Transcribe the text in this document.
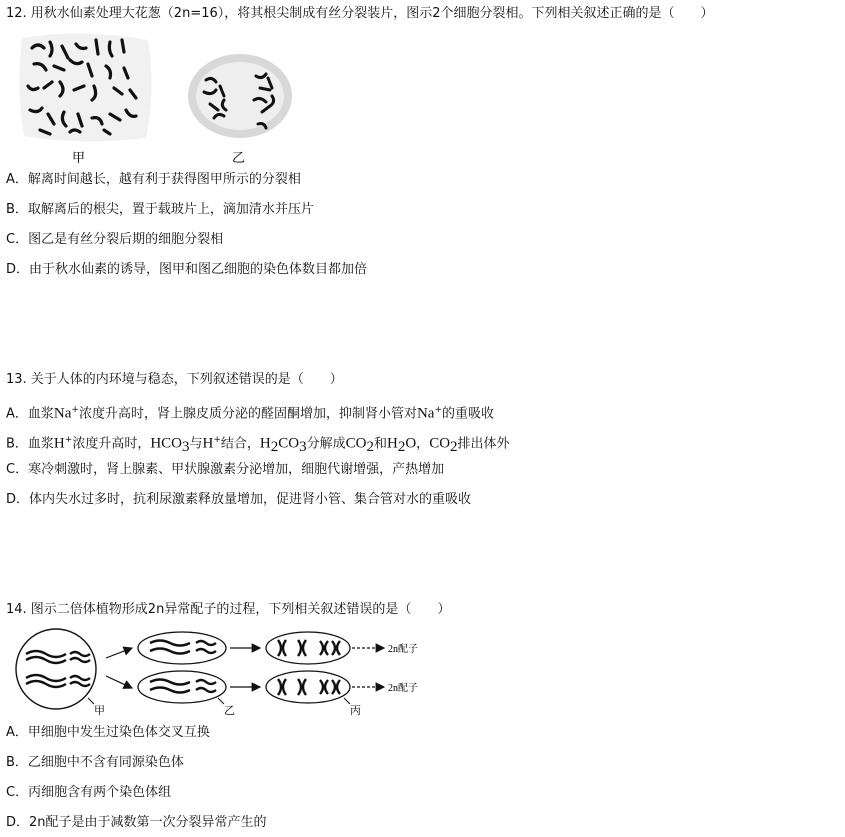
12. 用秋水仙素处理大花葱（2n=16），将其根尖制成有丝分裂装片，图示2个细胞分裂相。下列相关叙述正确的是（　　）
甲	乙
A．解离时间越长，越有利于获得图甲所示的分裂相
B．取解离后的根尖，置于载玻片上，滴加清水并压片
C．图乙是有丝分裂后期的细胞分裂相
D．由于秋水仙素的诱导，图甲和图乙细胞的染色体数目都加倍
13. 关于人体的内环境与稳态，下列叙述错误的是（　　）
A．血浆Na+浓度升高时，肾上腺皮质分泌的醛固酮增加，抑制肾小管对Na+的重吸收
B．血浆H+浓度升高时，$HCO_3$与H+结合，$H_2CO_3$分解成$CO_2$和$H_2O$，$CO_2$排出体外
C．寒冷刺激时，肾上腺素、甲状腺激素分泌增加，细胞代谢增强，产热增加
D．体内失水过多时，抗利尿激素释放量增加，促进肾小管、集合管对水的重吸收
14. 图示二倍体植物形成2n异常配子的过程，下列相关叙述错误的是（　　）
甲	乙	丙
2n配子
2n配子
A．甲细胞中发生过染色体交叉互换
B．乙细胞中不含有同源染色体
C．丙细胞含有两个染色体组
D．2n配子是由于减数第一次分裂异常产生的
